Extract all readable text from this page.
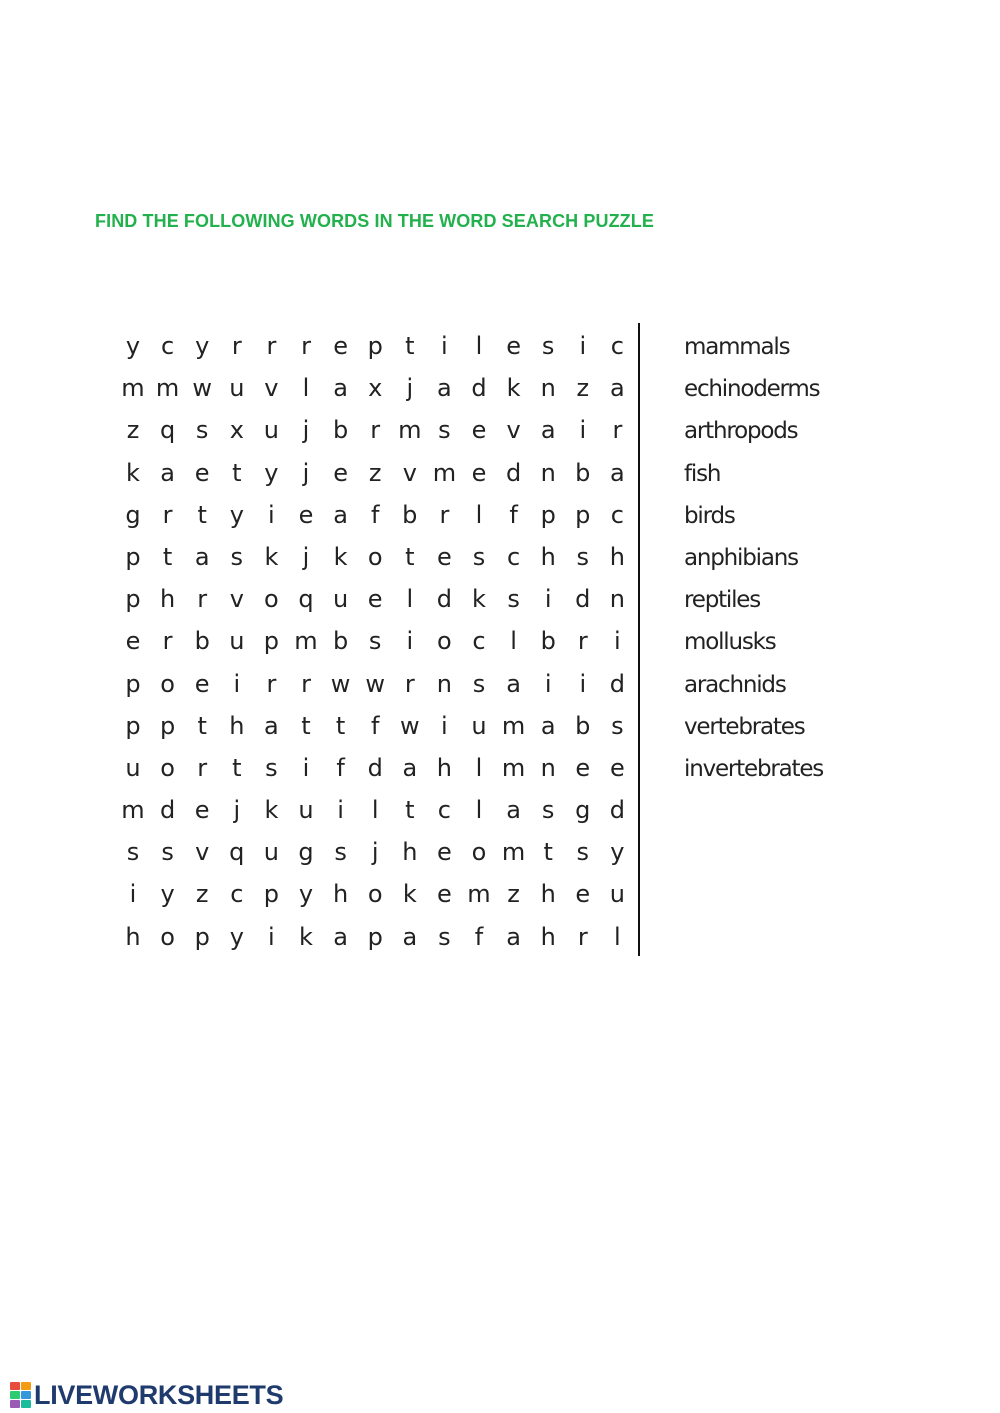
FIND THE FOLLOWING WORDS IN THE WORD SEARCH PUZZLE
y c y r	r	r e p t	i	l e s	i	c
m m w u v	l a x	j a d k n z a
z q s x u j b r m s e v a i	r
k a e t y	j e z v m e d n b a
g r	t y	i e a f b r	l	f p p c
p t a s k	j	k o t e s c h s h
p h r v o q u e l d k s	i d n
e r b u p m b s	i o c	l b r	i
p o e i	r	r w w r n s a i	i d
p p t h a t	t	f w i u m a b s
u o r	t s	i	f d a h l m n e e
m d e j	k u i	l	t c	l a s g d
s s v q u g s	j h e o m t s y
i	y z c p y h o k e m z h e u
h o p y	i	k a p a s	f a h r	l
mammals
echinoderms
arthropods
fish
birds
anphibians
reptiles
mollusks
arachnids
vertebrates
invertebrates
LIVEWORKSHEETS
